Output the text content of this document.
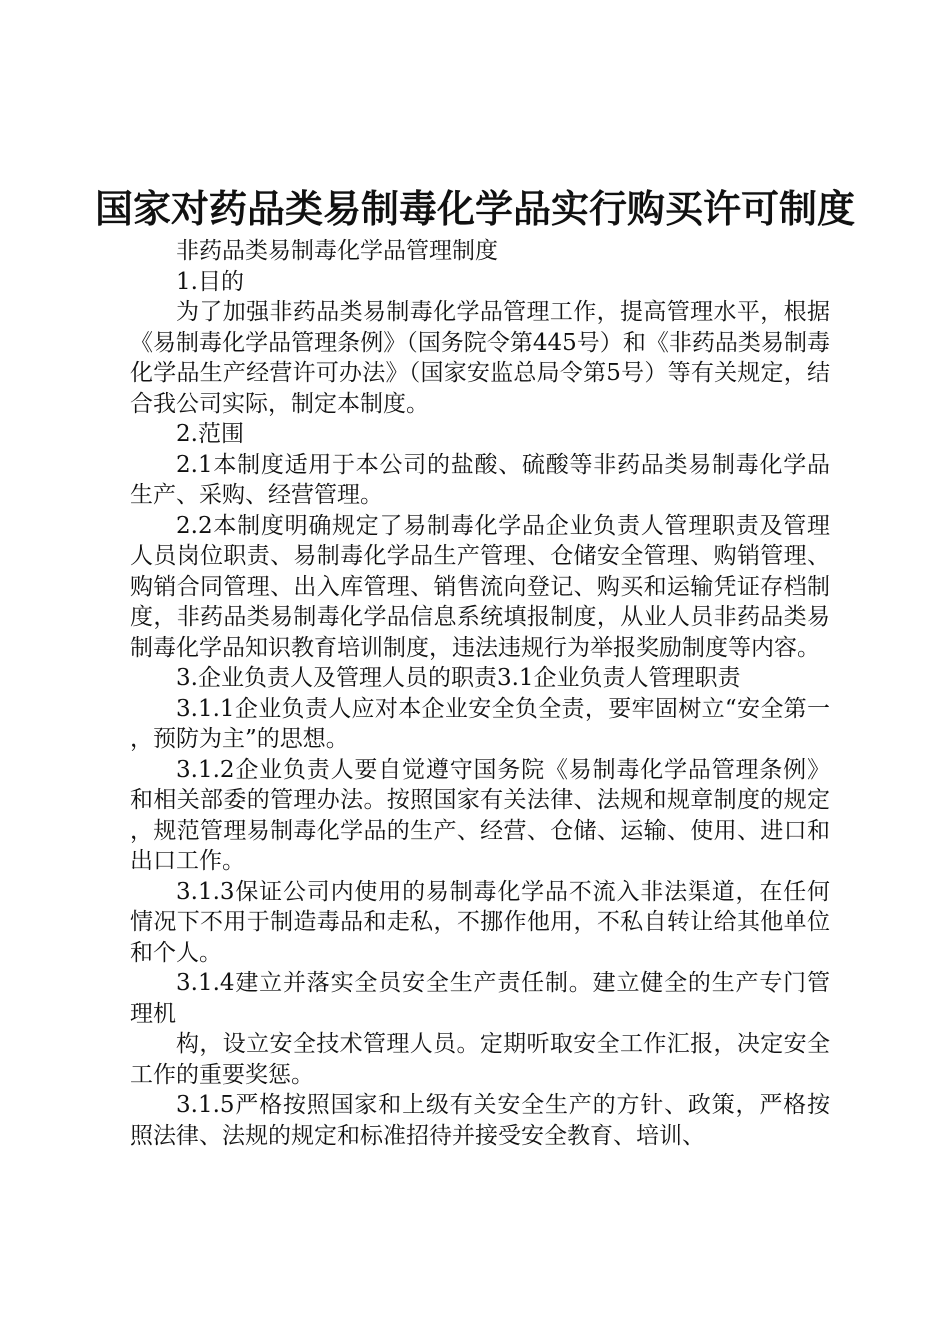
国家对药品类易制毒化学品实行购买许可制度

非药品类易制毒化学品管理制度

1.目的

为了加强非药品类易制毒化学品管理工作，提高管理水平，根据《易制毒化学品管理条例》（国务院令第445号）和《非药品类易制毒化学品生产经营许可办法》（国家安监总局令第5号）等有关规定，结合我公司实际，制定本制度。

2.范围

2.1本制度适用于本公司的盐酸、硫酸等非药品类易制毒化学品生产、采购、经营管理。

2.2本制度明确规定了易制毒化学品企业负责人管理职责及管理人员岗位职责、易制毒化学品生产管理、仓储安全管理、购销管理、购销合同管理、出入库管理、销售流向登记、购买和运输凭证存档制度，非药品类易制毒化学品信息系统填报制度，从业人员非药品类易制毒化学品知识教育培训制度，违法违规行为举报奖励制度等内容。

3.企业负责人及管理人员的职责3.1企业负责人管理职责

3.1.1企业负责人应对本企业安全负全责，要牢固树立“安全第一，预防为主”的思想。

3.1.2企业负责人要自觉遵守国务院《易制毒化学品管理条例》和相关部委的管理办法。按照国家有关法律、法规和规章制度的规定，规范管理易制毒化学品的生产、经营、仓储、运输、使用、进口和出口工作。

3.1.3保证公司内使用的易制毒化学品不流入非法渠道，在任何情况下不用于制造毒品和走私，不挪作他用，不私自转让给其他单位和个人。

3.1.4建立并落实全员安全生产责任制。建立健全的生产专门管理机

构，设立安全技术管理人员。定期听取安全工作汇报，决定安全工作的重要奖惩。

3.1.5严格按照国家和上级有关安全生产的方针、政策，严格按照法律、法规的规定和标准招待并接受安全教育、培训、
